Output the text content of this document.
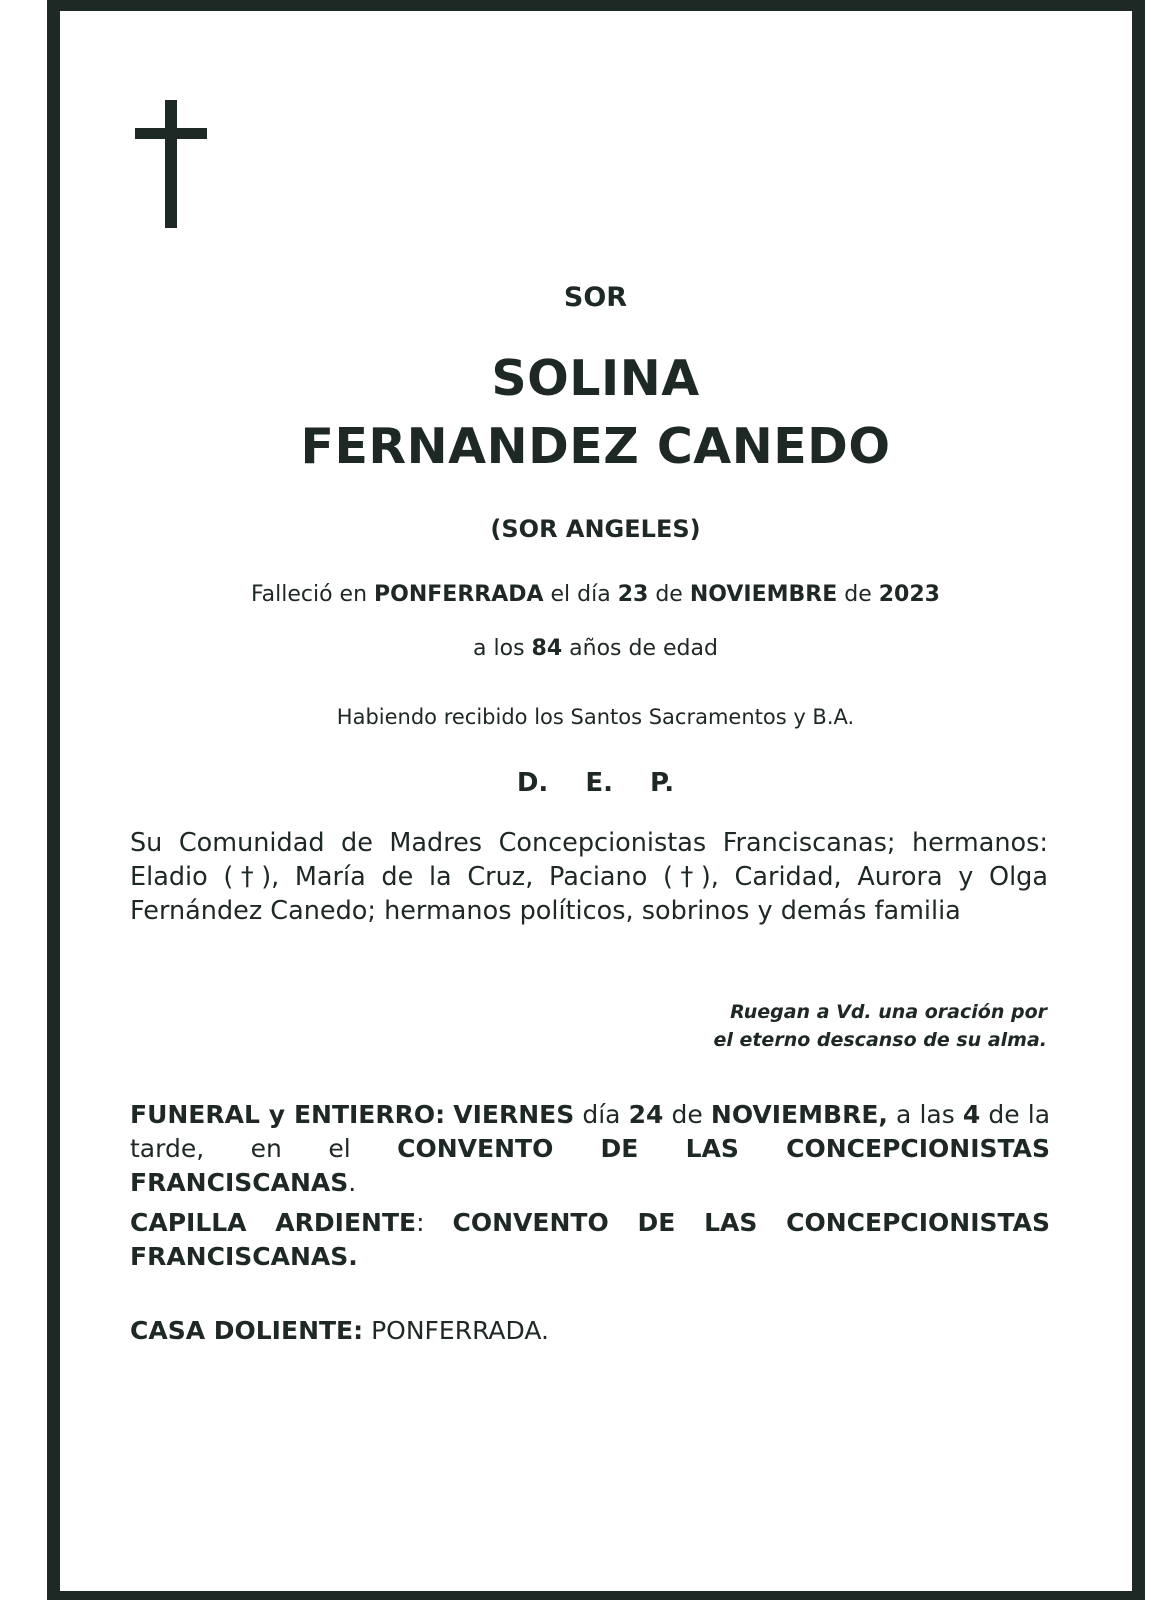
SOR
SOLINA
FERNANDEZ CANEDO
(SOR ANGELES)
Falleció en PONFERRADA el día 23 de NOVIEMBRE de 2023
a los 84 años de edad
Habiendo recibido los Santos Sacramentos y B.A.
D. E. P.
Su Comunidad de Madres Concepcionistas Franciscanas; hermanos: Eladio (†), María de la Cruz, Paciano (†), Caridad, Aurora y Olga Fernández Canedo; hermanos políticos, sobrinos y demás familia
Ruegan a Vd. una oración por
el eterno descanso de su alma.
FUNERAL y ENTIERRO: VIERNES día 24 de NOVIEMBRE, a las 4 de la tarde, en el CONVENTO DE LAS CONCEPCIONISTAS FRANCISCANAS.
CAPILLA ARDIENTE: CONVENTO DE LAS CONCEPCIONISTAS
FRANCISCANAS.
CASA DOLIENTE: PONFERRADA.
